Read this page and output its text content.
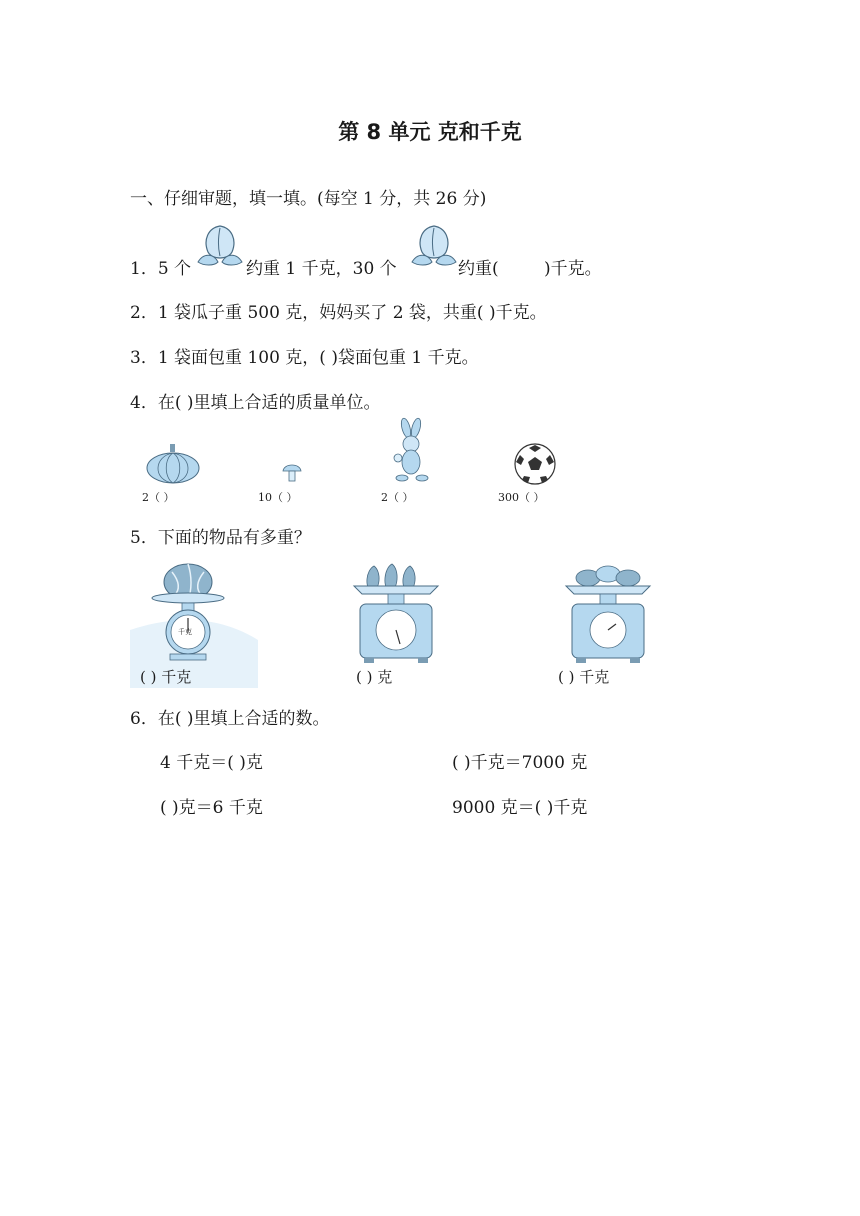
第 8 单元 克和千克
一、仔细审题，填一填。(每空 1 分，共 26 分)
1．5 个	约重 1 千克，30 个	约重(	)千克。
2．1 袋瓜子重 500 克，妈妈买了 2 袋，共重( )千克。
3．1 袋面包重 100 克，( )袋面包重 1 千克。
4．在( )里填上合适的质量单位。
2（ ）	10（ ）	2（ ）	300（ ）
5．下面的物品有多重？
千克
( ) 千克	( ) 克	( ) 千克
6．在( )里填上合适的数。
4 千克＝( )克	( )千克＝7000 克
( )克＝6 千克	9000 克＝( )千克
